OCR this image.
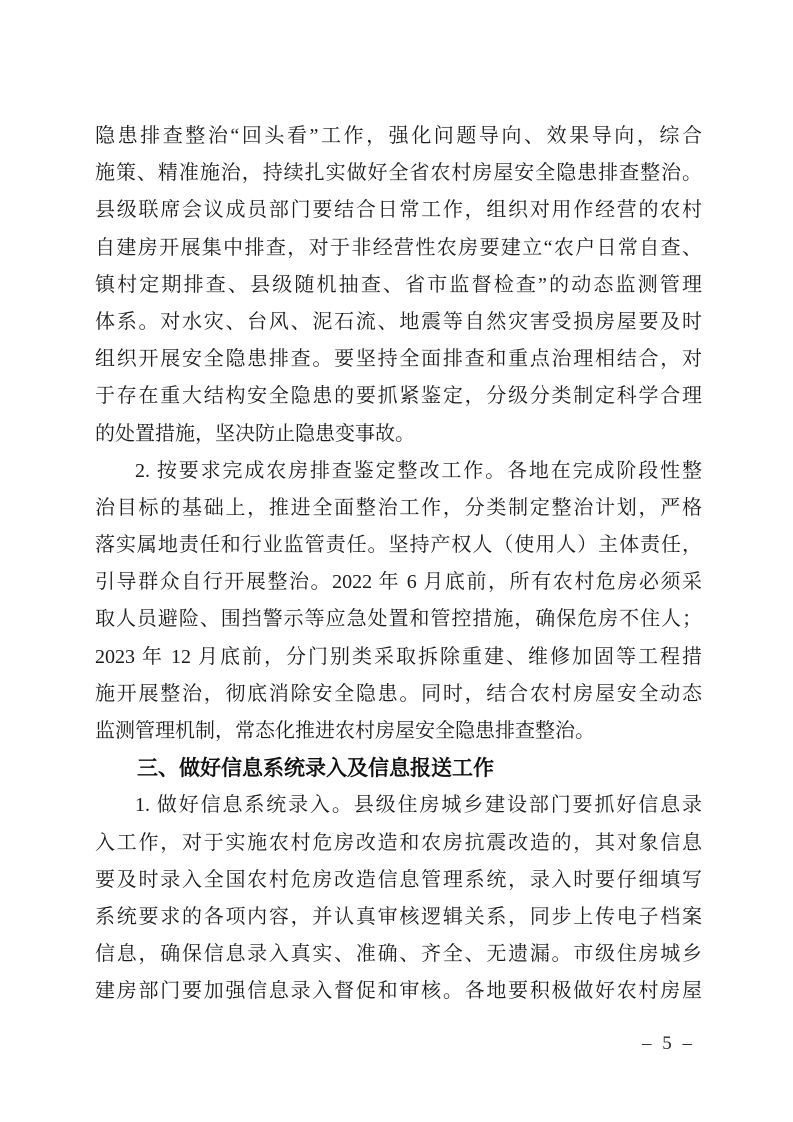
隐患排查整治“回头看”工作，强化问题导向、效果导向，综合
施策、精准施治，持续扎实做好全省农村房屋安全隐患排查整治。
县级联席会议成员部门要结合日常工作，组织对用作经营的农村
自建房开展集中排查，对于非经营性农房要建立“农户日常自查、
镇村定期排查、县级随机抽查、省市监督检查”的动态监测管理
体系。对水灾、台风、泥石流、地震等自然灾害受损房屋要及时
组织开展安全隐患排查。要坚持全面排查和重点治理相结合，对
于存在重大结构安全隐患的要抓紧鉴定，分级分类制定科学合理
的处置措施，坚决防止隐患变事故。
2. 按要求完成农房排查鉴定整改工作。各地在完成阶段性整
治目标的基础上，推进全面整治工作，分类制定整治计划，严格
落实属地责任和行业监管责任。坚持产权人（使用人）主体责任，
引导群众自行开展整治。2022 年 6 月底前，所有农村危房必须采
取人员避险、围挡警示等应急处置和管控措施，确保危房不住人；
2023 年 12 月底前，分门别类采取拆除重建、维修加固等工程措
施开展整治，彻底消除安全隐患。同时，结合农村房屋安全动态
监测管理机制，常态化推进农村房屋安全隐患排查整治。
三、做好信息系统录入及信息报送工作
1. 做好信息系统录入。县级住房城乡建设部门要抓好信息录
入工作，对于实施农村危房改造和农房抗震改造的，其对象信息
要及时录入全国农村危房改造信息管理系统，录入时要仔细填写
系统要求的各项内容，并认真审核逻辑关系，同步上传电子档案
信息，确保信息录入真实、准确、齐全、无遗漏。市级住房城乡
建房部门要加强信息录入督促和审核。各地要积极做好农村房屋
– 5 –
